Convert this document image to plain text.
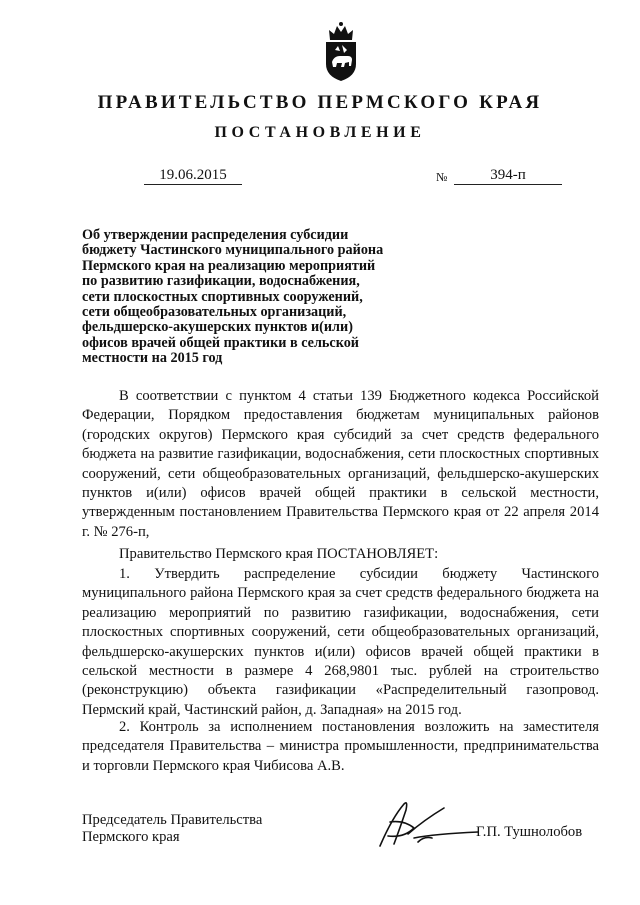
ПРАВИТЕЛЬСТВО ПЕРМСКОГО КРАЯ
ПОСТАНОВЛЕНИЕ
19.06.2015	№	394-п
Об утверждении распределения субсидии бюджету Частинского муниципального района Пермского края на реализацию мероприятий по развитию газификации, водоснабжения, сети плоскостных спортивных сооружений, сети общеобразовательных организаций, фельдшерско-акушерских пунктов и(или) офисов врачей общей практики в сельской местности на 2015 год
В соответствии с пунктом 4 статьи 139 Бюджетного кодекса Российской Федерации, Порядком предоставления бюджетам муниципальных районов (городских округов) Пермского края субсидий за счет средств федерального бюджета на развитие газификации, водоснабжения, сети плоскостных спортивных сооружений, сети общеобразовательных организаций, фельдшерско-акушерских пунктов и(или) офисов врачей общей практики в сельской местности, утвержденным постановлением Правительства Пермского края от 22 апреля 2014 г. № 276-п,
Правительство Пермского края ПОСТАНОВЛЯЕТ:
1. Утвердить распределение субсидии бюджету Частинского муниципального района Пермского края за счет средств федерального бюджета на реализацию мероприятий по развитию газификации, водоснабжения, сети плоскостных спортивных сооружений, сети общеобразовательных организаций, фельдшерско-акушерских пунктов и(или) офисов врачей общей практики в сельской местности в размере 4 268,9801 тыс. рублей на строительство (реконструкцию) объекта газификации «Распределительный газопровод. Пермский край, Частинский район, д. Западная» на 2015 год.
2. Контроль за исполнением постановления возложить на заместителя председателя Правительства – министра промышленности, предпринимательства и торговли Пермского края Чибисова А.В.
Председатель Правительства Пермского края	Г.П. Тушнолобов
